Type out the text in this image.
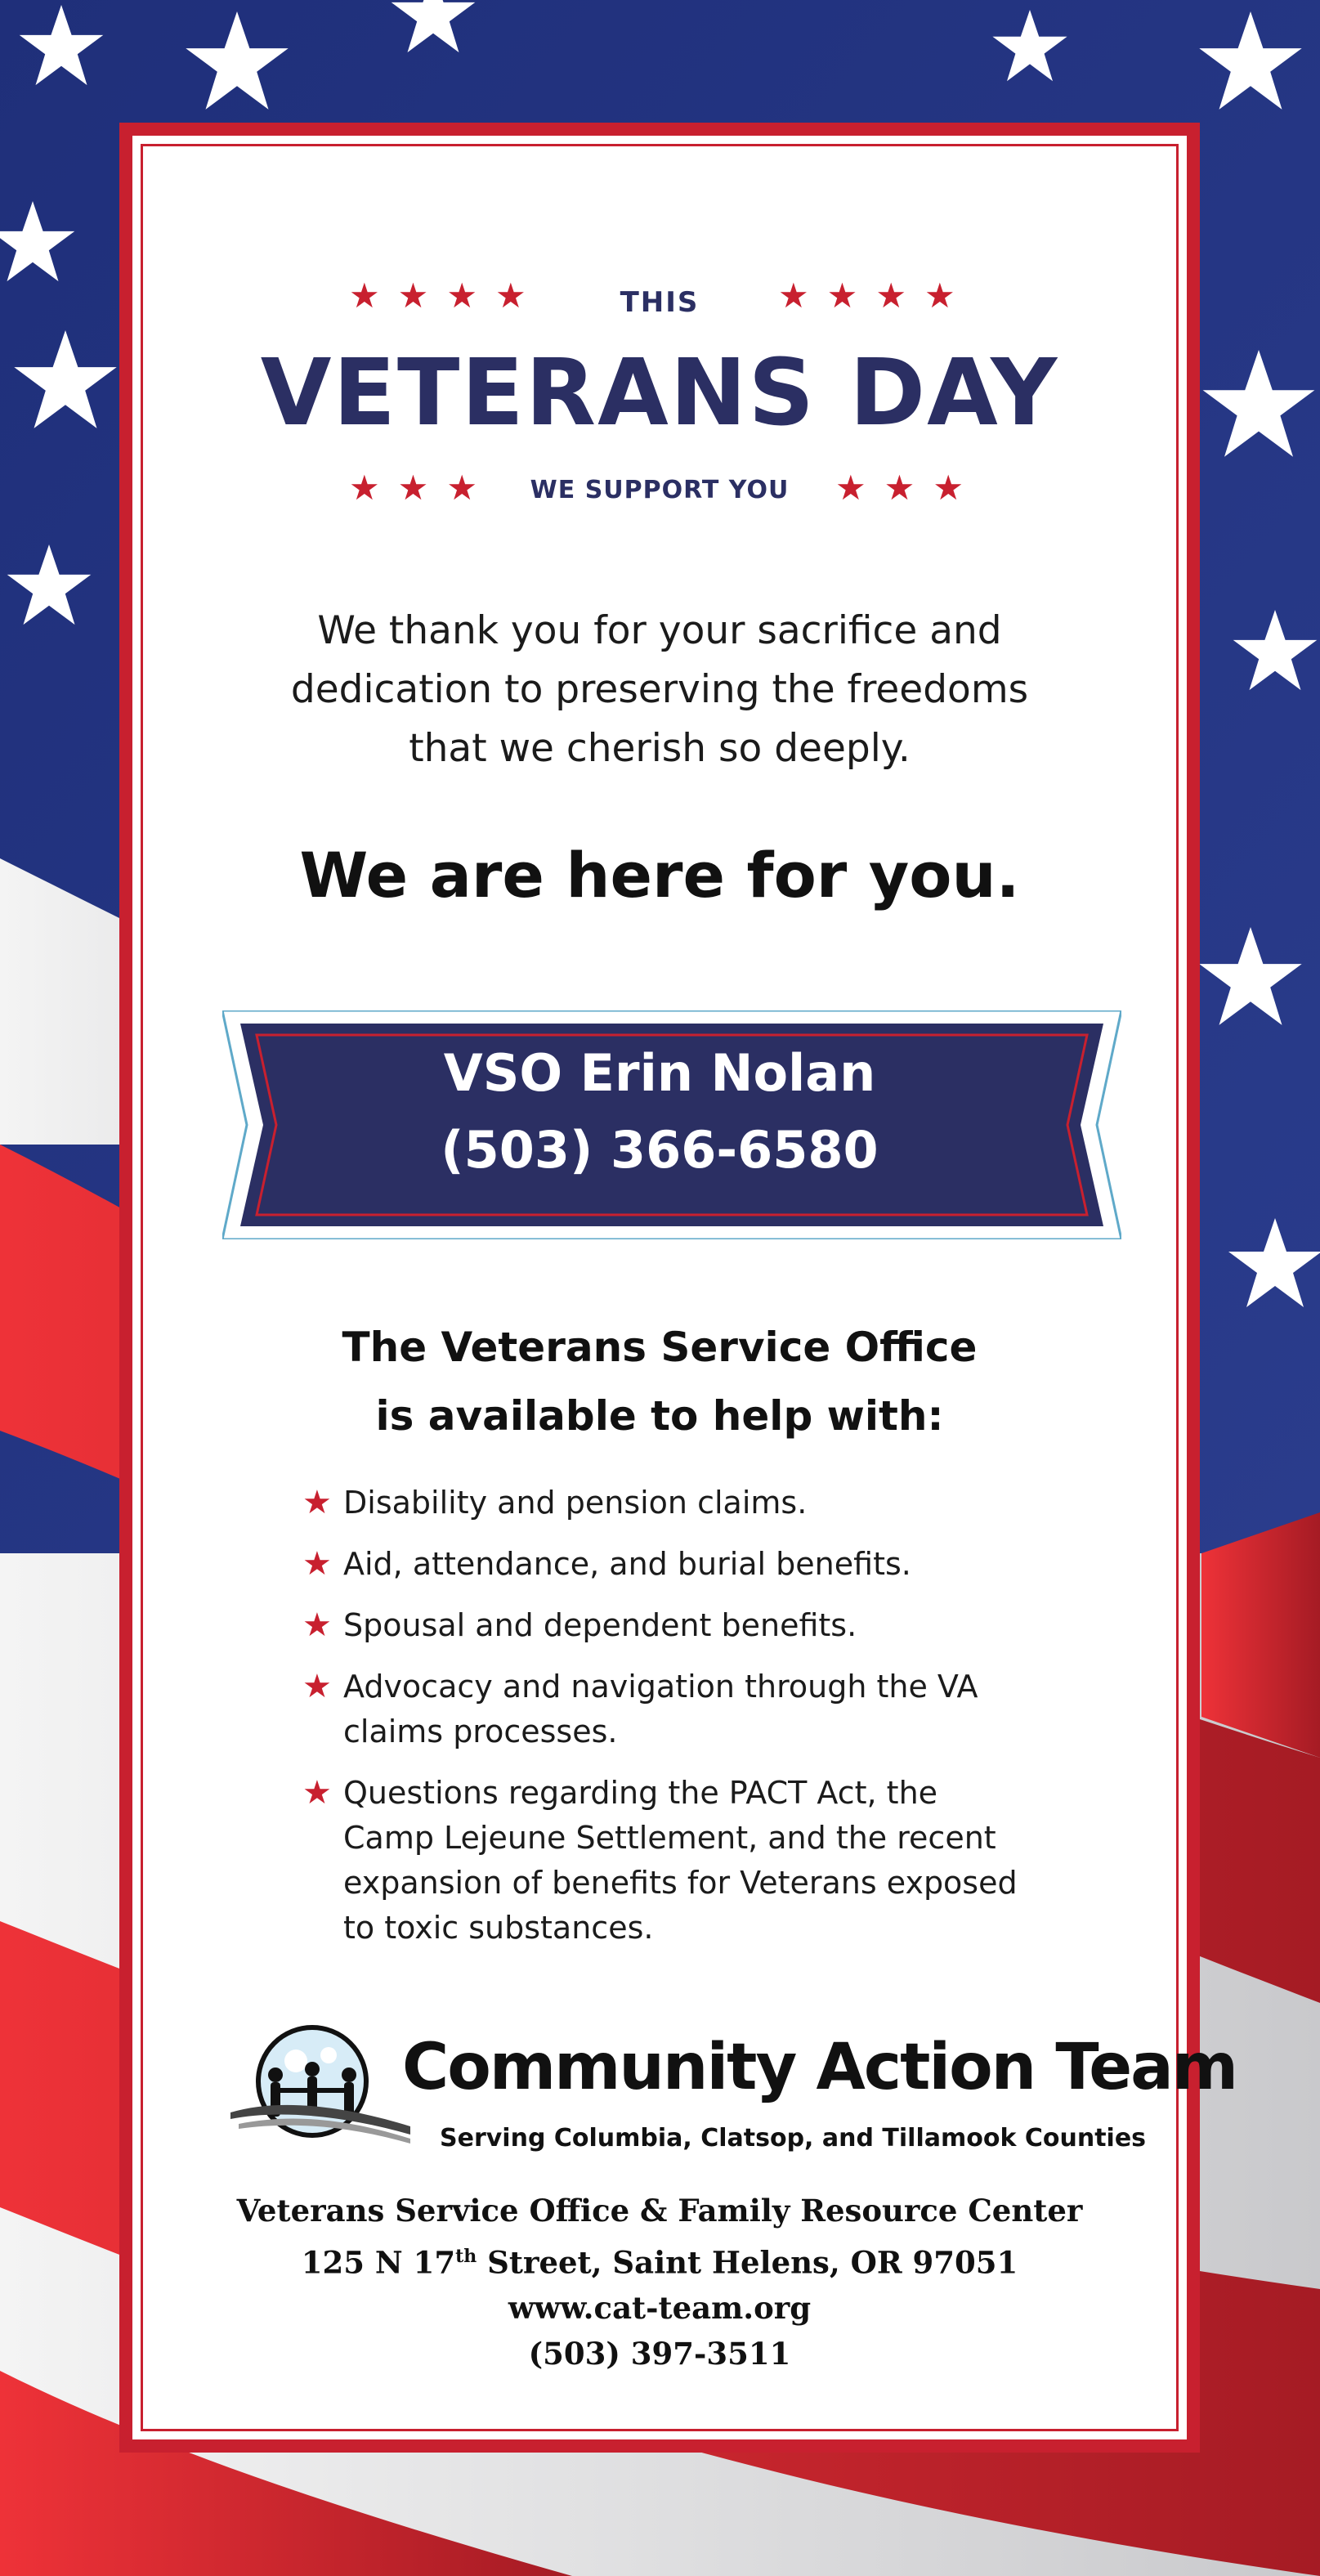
★★★★	★★★★
THIS
VETERANS DAY
★★★	★★★
WE SUPPORT YOU
We thank you for your sacrifice and
dedication to preserving the freedoms
that we cherish so deeply.
We are here for you.
VSO Erin Nolan
(503) 366-6580
The Veterans Service Office
is available to help with:
★ Disability and pension claims.
★ Aid, attendance, and burial benefits.
★ Spousal and dependent benefits.
★ Advocacy and navigation through the VA claims processes.
★ Questions regarding the PACT Act, the Camp Lejeune Settlement, and the recent expansion of benefits for Veterans exposed to toxic substances.
Community Action Team
Serving Columbia, Clatsop, and Tillamook Counties
Veterans Service Office & Family Resource Center
125 N 17th Street, Saint Helens, OR 97051
www.cat-team.org
(503) 397-3511
